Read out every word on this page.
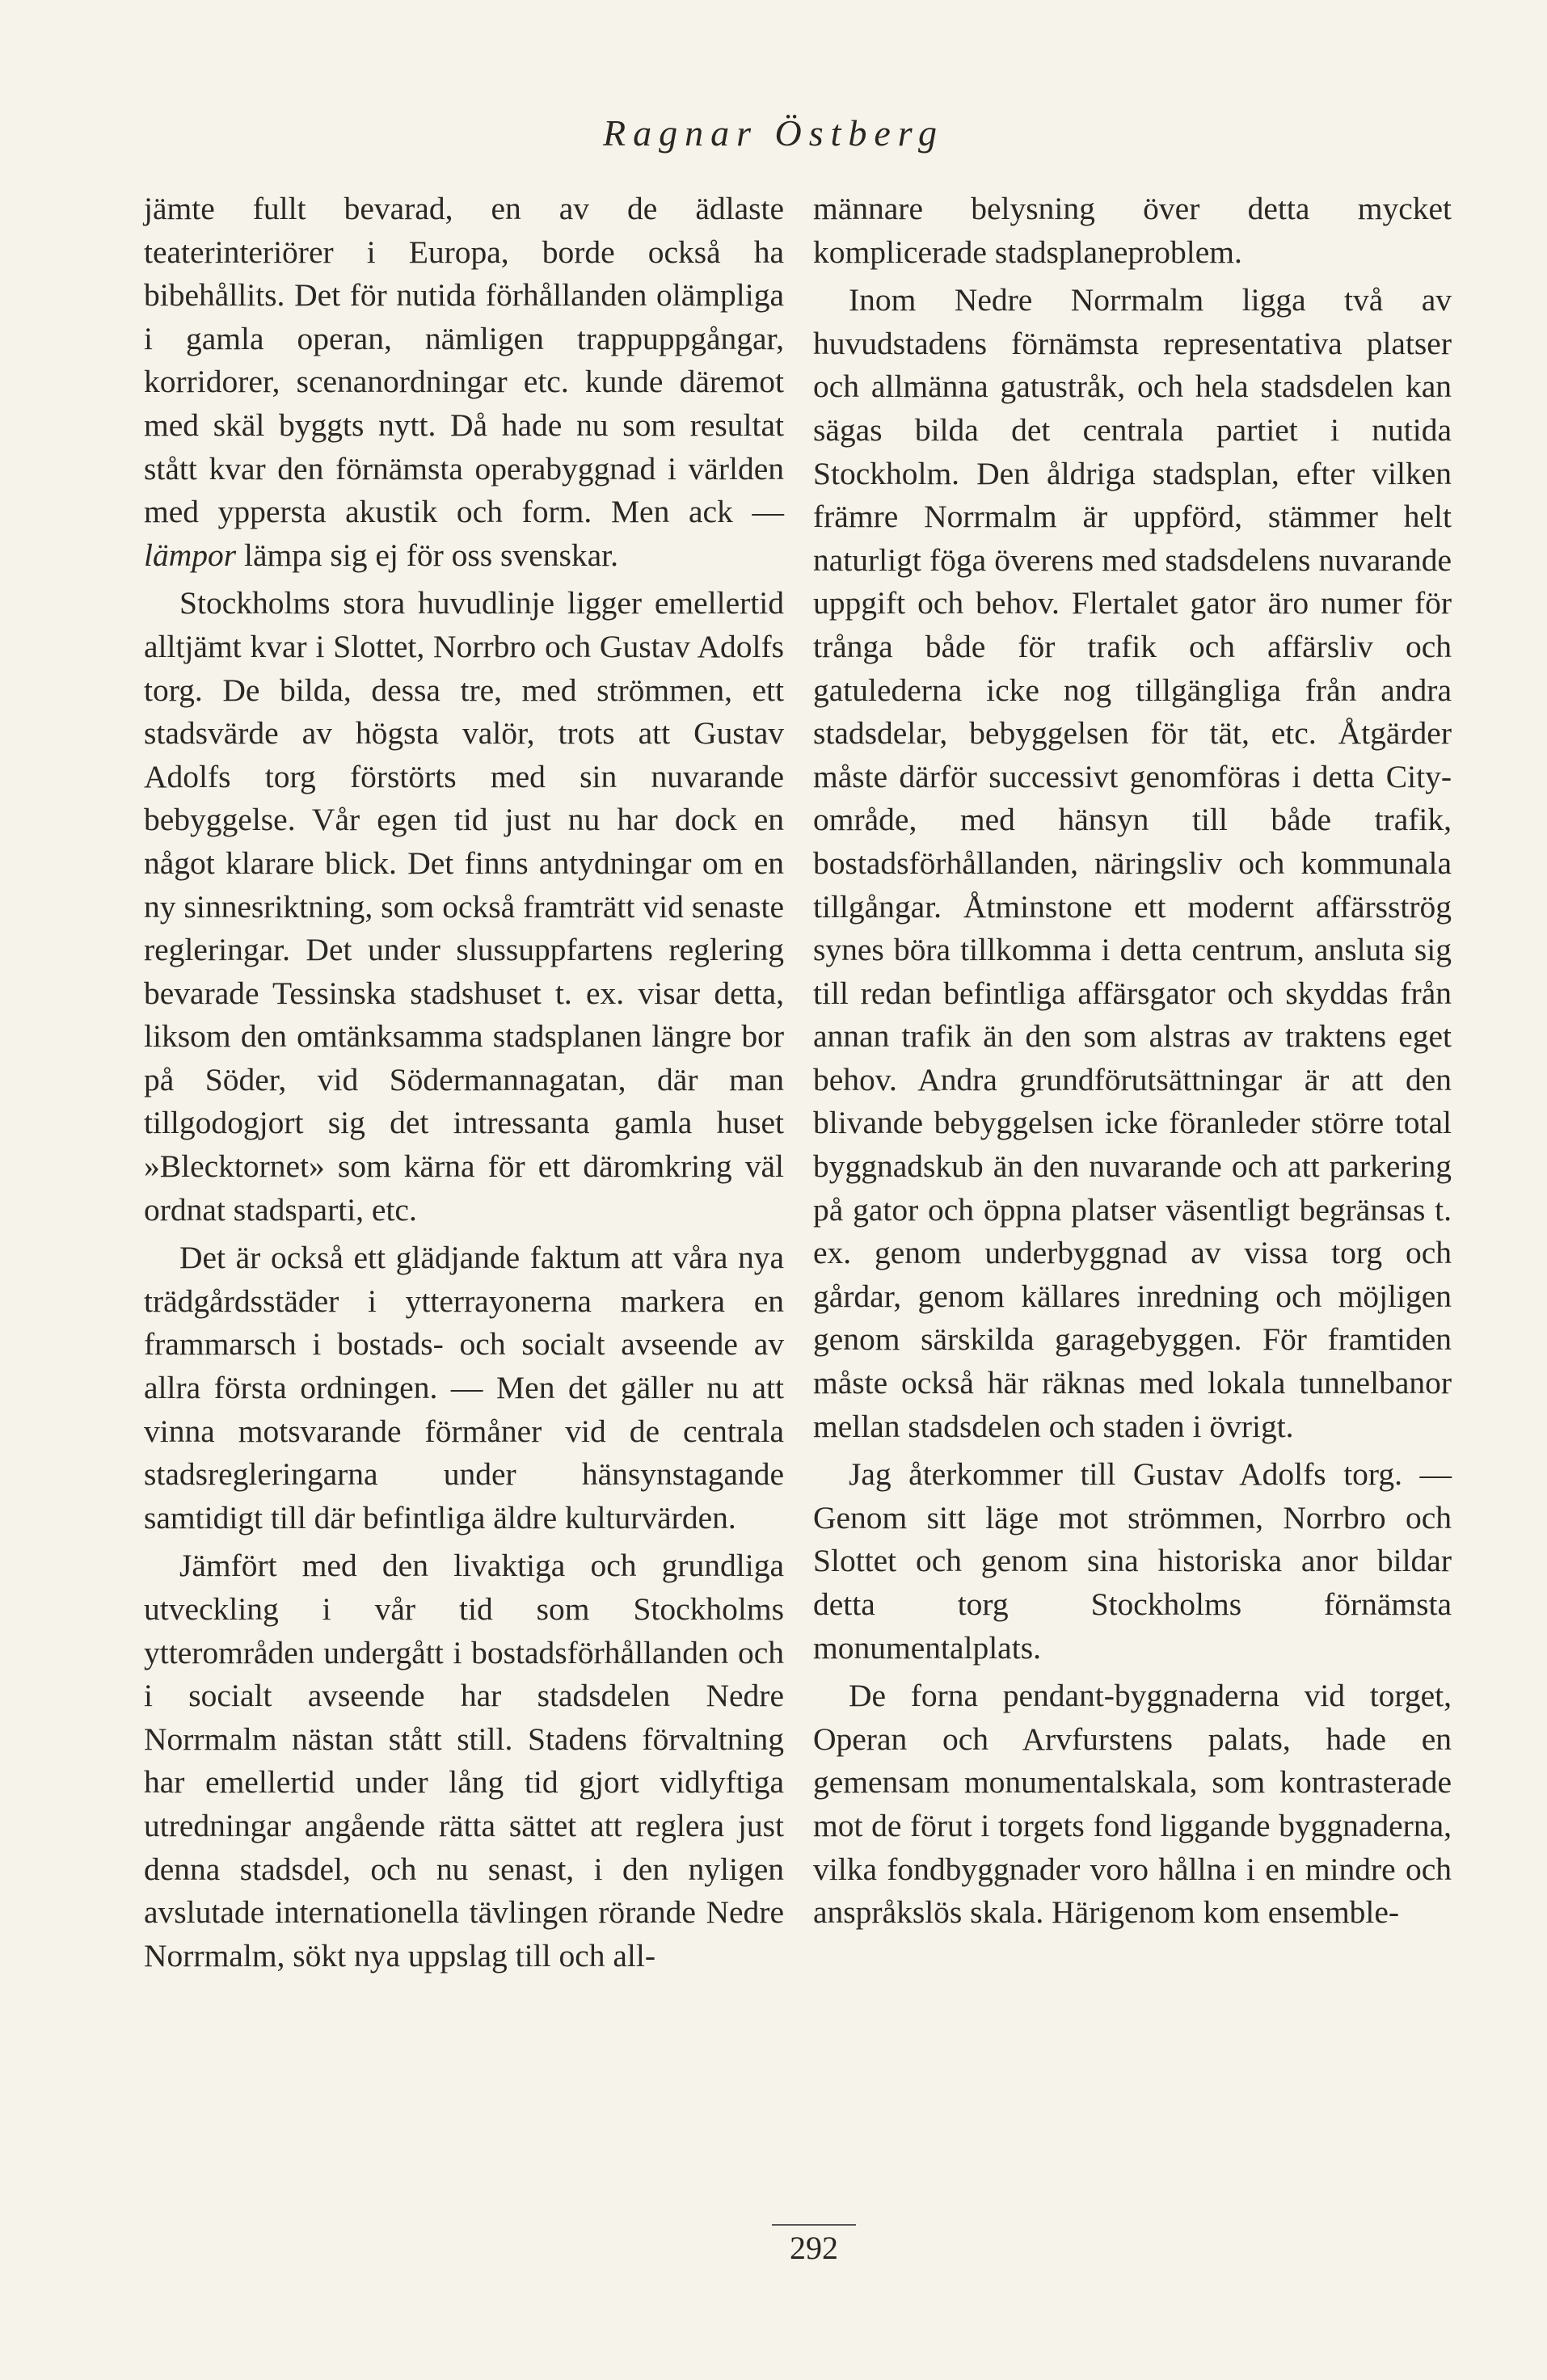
Ragnar Östberg

jämte fullt bevarad, en av de ädlaste teaterinteriörer i Europa, borde också ha bibehållits. Det för nutida förhållanden olämpliga i gamla operan, nämligen trappuppgångar, korridorer, scenanordningar etc. kunde däremot med skäl byggts nytt. Då hade nu som resultat stått kvar den förnämsta operabyggnad i världen med yppersta akustik och form. Men ack — lämpor lämpa sig ej för oss svenskar.

Stockholms stora huvudlinje ligger emellertid alltjämt kvar i Slottet, Norrbro och Gustav Adolfs torg. De bilda, dessa tre, med strömmen, ett stadsvärde av högsta valör, trots att Gustav Adolfs torg förstörts med sin nuvarande bebyggelse. Vår egen tid just nu har dock en något klarare blick. Det finns antydningar om en ny sinnesriktning, som också framträtt vid senaste regleringar. Det under slussuppfartens reglering bevarade Tessinska stadshuset t. ex. visar detta, liksom den omtänksamma stadsplanen längre bor på Söder, vid Södermannagatan, där man tillgodogjort sig det intressanta gamla huset »Blecktornet» som kärna för ett däromkring väl ordnat stadsparti, etc.

Det är också ett glädjande faktum att våra nya trädgårdsstäder i ytterrayonerna markera en frammarsch i bostads- och socialt avseende av allra första ordningen. — Men det gäller nu att vinna motsvarande förmåner vid de centrala stadsregleringarna under hänsynstagande samtidigt till där befintliga äldre kulturvärden.

Jämfört med den livaktiga och grundliga utveckling i vår tid som Stockholms ytterområden undergått i bostadsförhållanden och i socialt avseende har stadsdelen Nedre Norrmalm nästan stått still. Stadens förvaltning har emellertid under lång tid gjort vidlyftiga utredningar angående rätta sättet att reglera just denna stadsdel, och nu senast, i den nyligen avslutade internationella tävlingen rörande Nedre Norrmalm, sökt nya uppslag till och all-

männare belysning över detta mycket komplicerade stadsplaneproblem.

Inom Nedre Norrmalm ligga två av huvudstadens förnämsta representativa platser och allmänna gatustråk, och hela stadsdelen kan sägas bilda det centrala partiet i nutida Stockholm. Den åldriga stadsplan, efter vilken främre Norrmalm är uppförd, stämmer helt naturligt föga överens med stadsdelens nuvarande uppgift och behov. Flertalet gator äro numer för trånga både för trafik och affärsliv och gatulederna icke nog tillgängliga från andra stadsdelar, bebyggelsen för tät, etc. Åtgärder måste därför successivt genomföras i detta City-område, med hänsyn till både trafik, bostadsförhållanden, näringsliv och kommunala tillgångar. Åtminstone ett modernt affärsströg synes böra tillkomma i detta centrum, ansluta sig till redan befintliga affärsgator och skyddas från annan trafik än den som alstras av traktens eget behov. Andra grundförutsättningar är att den blivande bebyggelsen icke föranleder större total byggnadskub än den nuvarande och att parkering på gator och öppna platser väsentligt begränsas t. ex. genom underbyggnad av vissa torg och gårdar, genom källares inredning och möjligen genom särskilda garagebyggen. För framtiden måste också här räknas med lokala tunnelbanor mellan stadsdelen och staden i övrigt.

Jag återkommer till Gustav Adolfs torg. — Genom sitt läge mot strömmen, Norrbro och Slottet och genom sina historiska anor bildar detta torg Stockholms förnämsta monumentalplats.

De forna pendant-byggnaderna vid torget, Operan och Arvfurstens palats, hade en gemensam monumentalskala, som kontrasterade mot de förut i torgets fond liggande byggnaderna, vilka fondbyggnader voro hållna i en mindre och anspråkslös skala. Härigenom kom ensemble-

292
